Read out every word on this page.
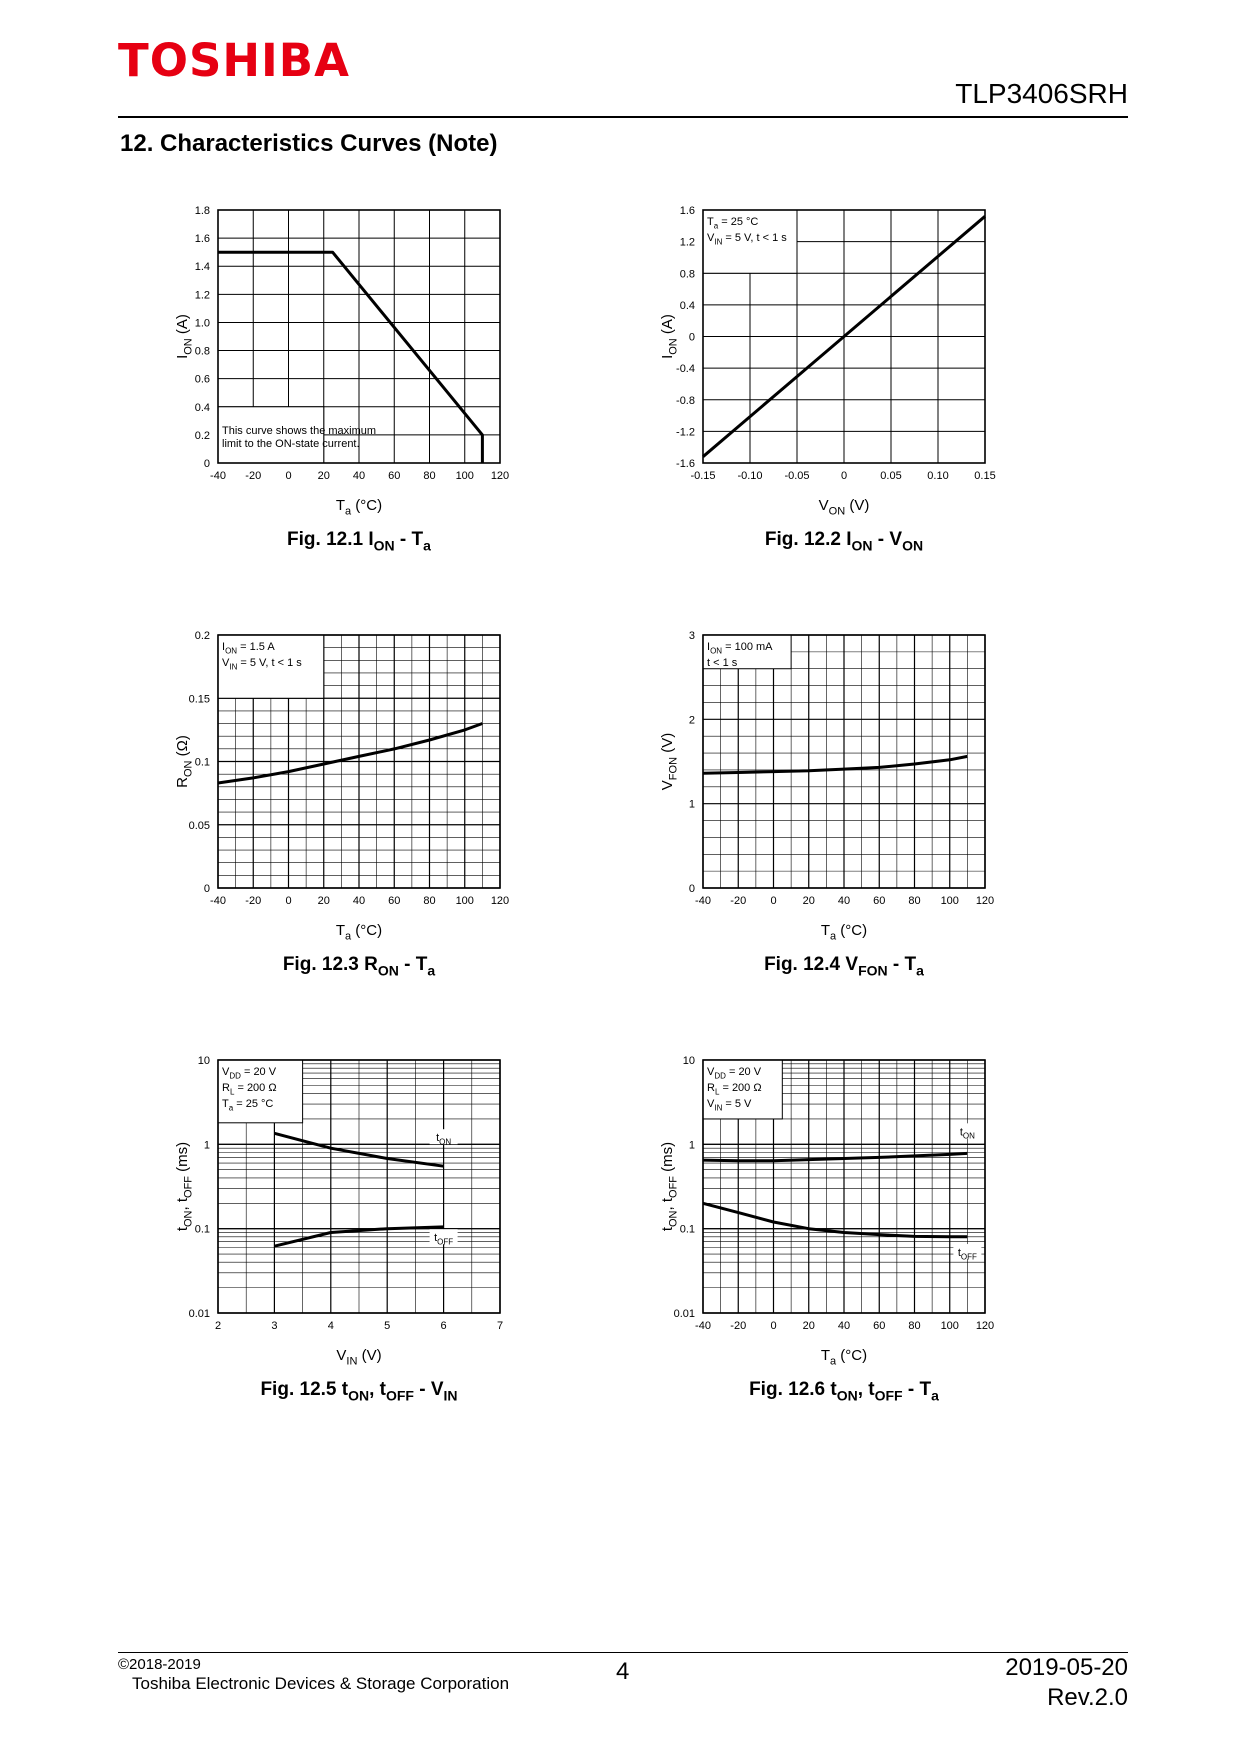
TOSHIBA
TLP3406SRH
12. Characteristics Curves (Note)
This curve shows the maximum
limit to the ON-state current.
-40 -20 0 20 40 60 80 100 120
0
0.2
0.4
0.6
0.8
1.0
1.2
1.4
1.6
1.8
$T_a$ (°C)
$I_{ON}$ (A)
Fig. 12.1 $I_{ON} - T_a$
$T_a = 25$ °C
$V_{IN} = 5$ V, t < 1 s
-0.15 -0.10 -0.05	0	0.05 0.10 0.15
-1.6
-1.2
-0.8
-0.4
0
0.4
0.8
1.2
1.6
$V_{ON}$ (V)
$I_{ON}$ (A)
Fig. 12.2 $I_{ON} - V_{ON}$
$I_{ON} = 1.5$ A
$V_{IN} = 5$ V, t < 1 s
-40 -20 0 20 40 60 80 100 120
0
0.05
0.1
0.15
0.2
$T_a$ (°C)
$R_{ON}$ (Ω)
Fig. 12.3 $R_{ON} - T_a$
$I_{ON} = 100$ mA
t < 1 s
-40 -20 0 20 40 60 80 100 120
0
1
2
3
$T_a$ (°C)
$V_{FON}$ (V)
Fig. 12.4 $V_{FON} - T_a$
$V_{DD} = 20$ V
$R_L = 200$ Ω
$T_a = 25$ °C
$t_{ON}$
$t_{OFF}$
2	3	4	5	6	7
0.01
0.1
1
10
$V_{IN}$ (V)
$t_{ON}$, $t_{OFF}$ (ms)
Fig. 12.5 $t_{ON}$, $t_{OFF} - V_{IN}$
$V_{DD} = 20$ V
$R_L = 200$ Ω
$V_{IN} = 5$ V
$t_{ON}$
$t_{OFF}$
-40 -20 0 20 40 60 80 100 120
0.01
0.1
1
10
$T_a$ (°C)
$t_{ON}$, $t_{OFF}$ (ms)
Fig. 12.6 $t_{ON}$, $t_{OFF} - T_a$
©2018-2019
Toshiba Electronic Devices & Storage Corporation	4	2019-05-20
Rev.2.0
